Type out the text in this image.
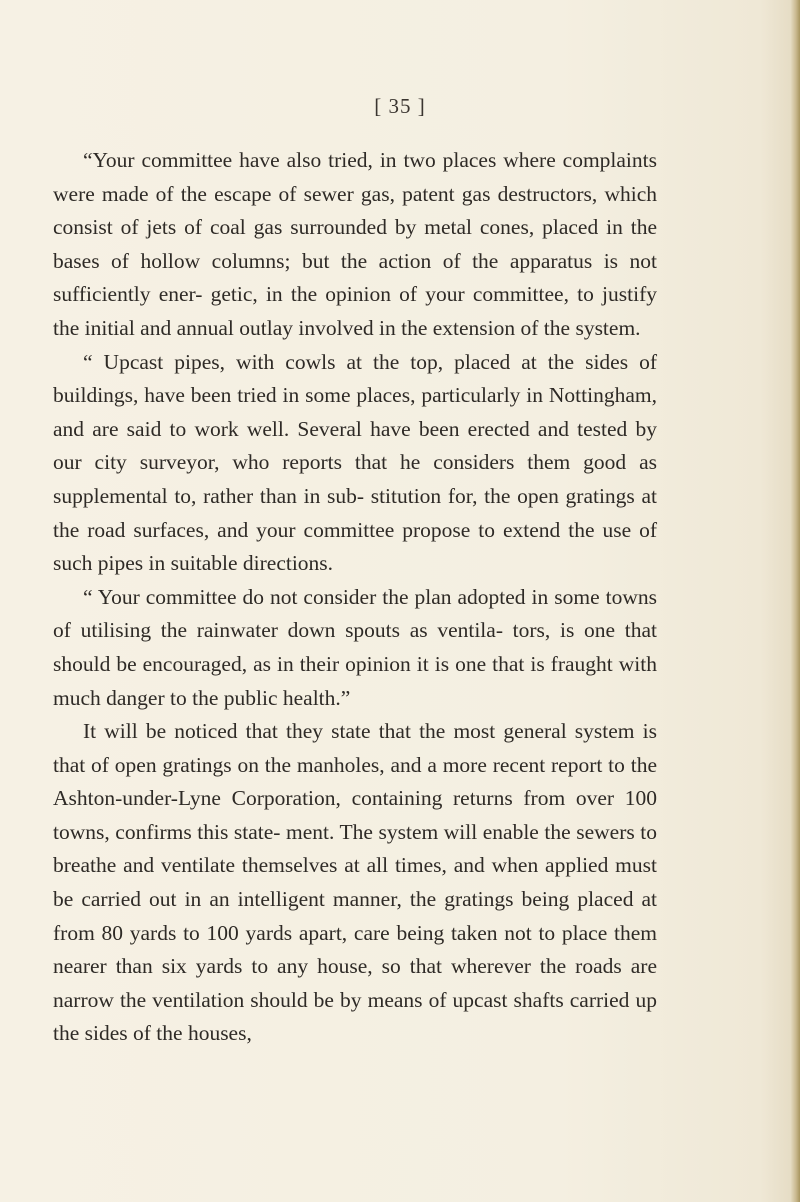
[ 35 ]

“Your committee have also tried, in two places where complaints were made of the escape of sewer gas, patent gas destructors, which consist of jets of coal gas surrounded by metal cones, placed in the bases of hollow columns; but the action of the apparatus is not sufficiently ener- getic, in the opinion of your committee, to justify the initial and annual outlay involved in the extension of the system.

“ Upcast pipes, with cowls at the top, placed at the sides of buildings, have been tried in some places, particularly in Nottingham, and are said to work well. Several have been erected and tested by our city surveyor, who reports that he considers them good as supplemental to, rather than in sub- stitution for, the open gratings at the road surfaces, and your committee propose to extend the use of such pipes in suitable directions.

“ Your committee do not consider the plan adopted in some towns of utilising the rainwater down spouts as ventila- tors, is one that should be encouraged, as in their opinion it is one that is fraught with much danger to the public health.”

It will be noticed that they state that the most general system is that of open gratings on the manholes, and a more recent report to the Ashton-under-Lyne Corporation, containing returns from over 100 towns, confirms this state- ment. The system will enable the sewers to breathe and ventilate themselves at all times, and when applied must be carried out in an intelligent manner, the gratings being placed at from 80 yards to 100 yards apart, care being taken not to place them nearer than six yards to any house, so that wherever the roads are narrow the ventilation should be by means of upcast shafts carried up the sides of the houses,
